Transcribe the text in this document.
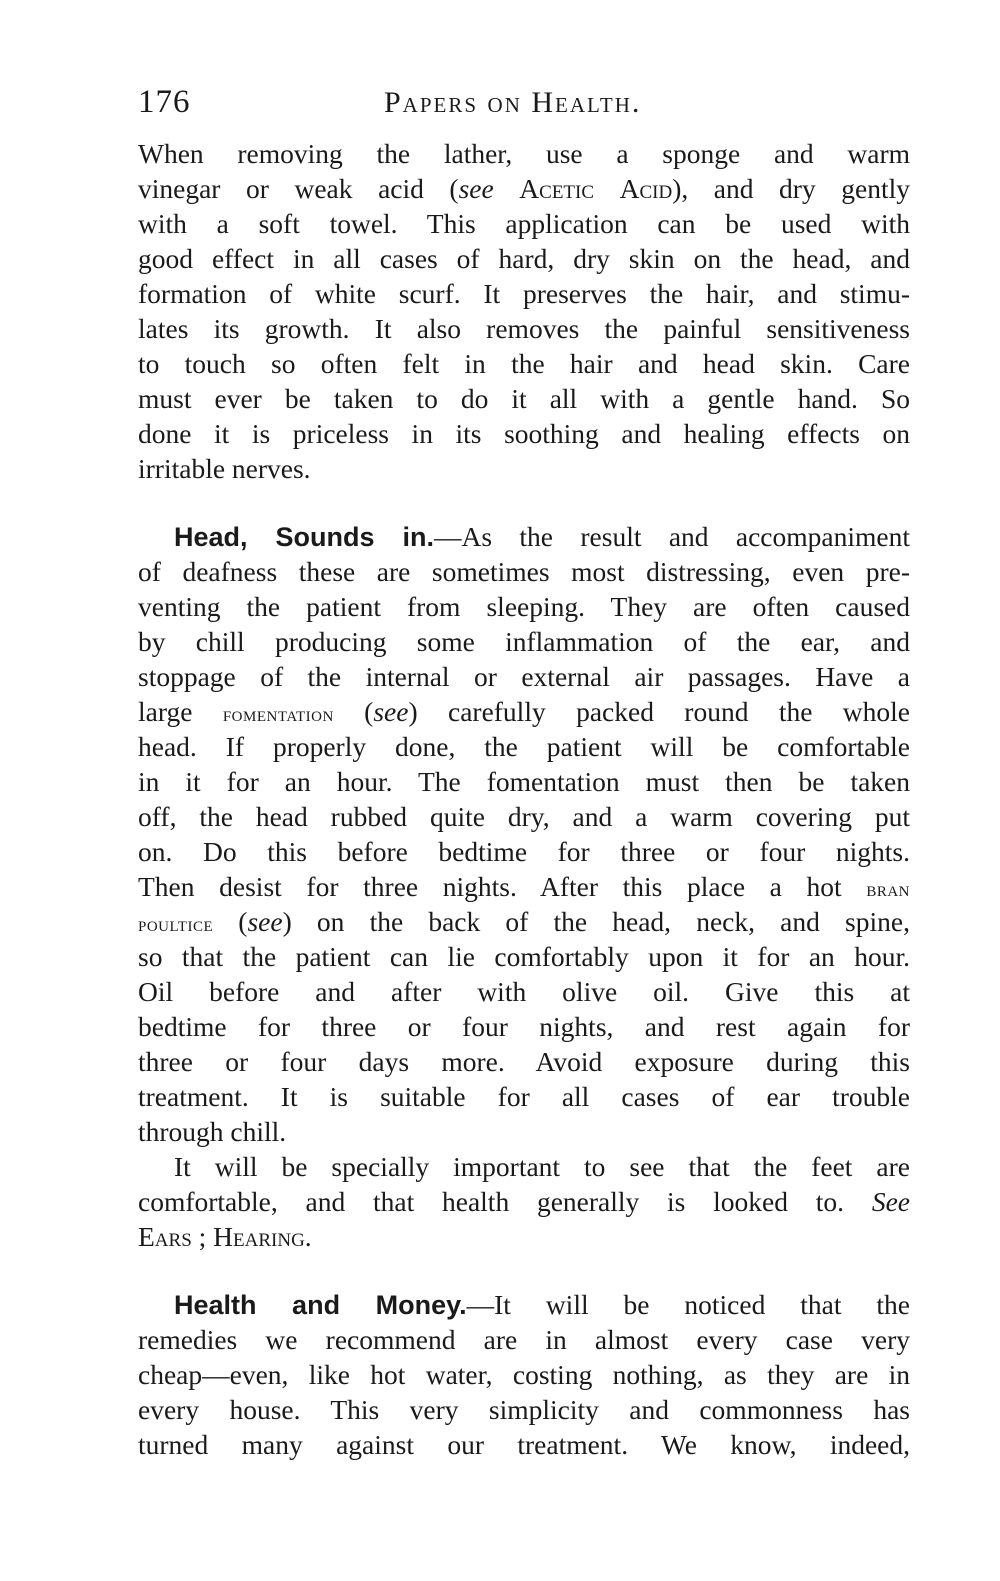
176	Papers on Health.
When removing the lather, use a sponge and warm
vinegar or weak acid (see Acetic Acid), and dry gently
with a soft towel. This application can be used with
good effect in all cases of hard, dry skin on the head, and
formation of white scurf. It preserves the hair, and stimu-
lates its growth. It also removes the painful sensitiveness
to touch so often felt in the hair and head skin. Care
must ever be taken to do it all with a gentle hand. So
done it is priceless in its soothing and healing effects on
irritable nerves.
Head, Sounds in.—As the result and accompaniment
of deafness these are sometimes most distressing, even pre-
venting the patient from sleeping. They are often caused
by chill producing some inflammation of the ear, and
stoppage of the internal or external air passages. Have a
large fomentation (see) carefully packed round the whole
head. If properly done, the patient will be comfortable
in it for an hour. The fomentation must then be taken
off, the head rubbed quite dry, and a warm covering put
on. Do this before bedtime for three or four nights.
Then desist for three nights. After this place a hot bran
poultice (see) on the back of the head, neck, and spine,
so that the patient can lie comfortably upon it for an hour.
Oil before and after with olive oil. Give this at
bedtime for three or four nights, and rest again for
three or four days more. Avoid exposure during this
treatment. It is suitable for all cases of ear trouble
through chill.
It will be specially important to see that the feet are
comfortable, and that health generally is looked to. See
Ears ; Hearing.
Health and Money.—It will be noticed that the
remedies we recommend are in almost every case very
cheap—even, like hot water, costing nothing, as they are in
every house. This very simplicity and commonness has
turned many against our treatment. We know, indeed,
